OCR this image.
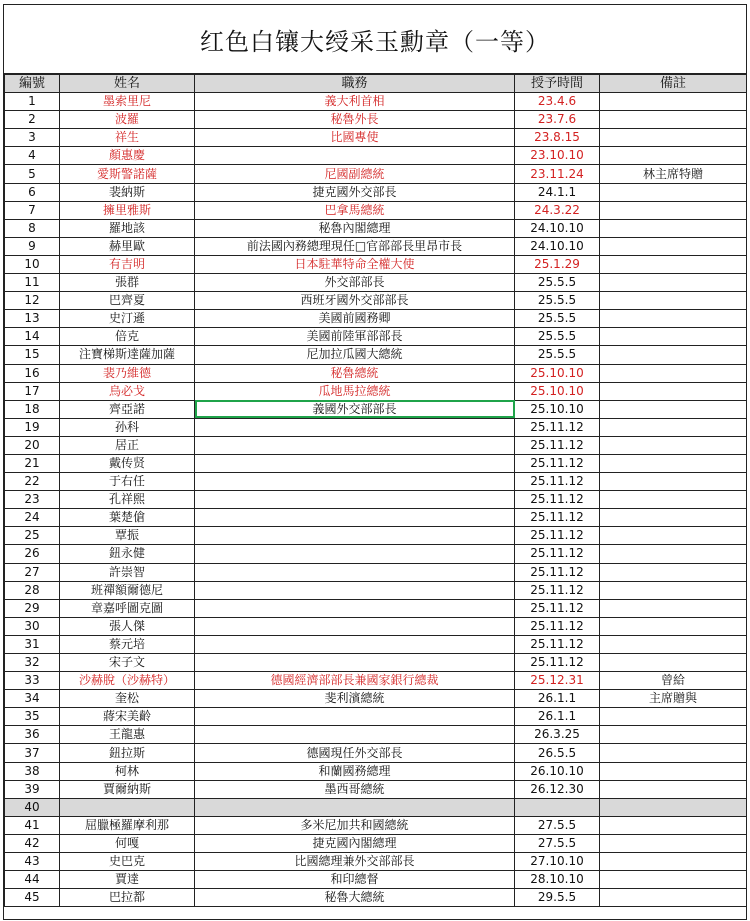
红色白镶大绶采玉勳章（一等）
編號	姓名	職務	授予時間	備註
1	墨索里尼	義大利首相	23.4.6	
2	波羅	秘魯外長	23.7.6	
3	祥生	比國專使	23.8.15	
4	顏惠慶		23.10.10	
5	愛斯警諾薩	尼國副總統	23.11.24	林主席特贈
6	裴納斯	捷克國外交部長	24.1.1	
7	擁里雅斯	巴拿馬總統	24.3.22	
8	羅地該	秘魯內閣總理	24.10.10	
9	赫里歐	前法國內務總理現任□官部部長里昂市長	24.10.10	
10	有吉明	日本駐華特命全權大使	25.1.29	
11	張群	外交部部長	25.5.5	
12	巴齊夏	西班牙國外交部部長	25.5.5	
13	史汀遜	美國前國務卿	25.5.5	
14	倍克	美國前陸軍部部長	25.5.5	
15	注寶梯斯達薩加薩	尼加拉瓜國大總統	25.5.5	
16	裴乃維德	秘魯總統	25.10.10	
17	烏必戈	瓜地馬拉總統	25.10.10	
18	齊亞諾	義國外交部部長	25.10.10	
19	孙科		25.11.12	
20	居正		25.11.12	
21	戴传贤		25.11.12	
22	于右任		25.11.12	
23	孔祥熙		25.11.12	
24	葉楚傖		25.11.12	
25	覃振		25.11.12	
26	鈕永健		25.11.12	
27	許崇智		25.11.12	
28	班禪額爾德尼		25.11.12	
29	章嘉呼圖克圖		25.11.12	
30	張人傑		25.11.12	
31	蔡元培		25.11.12	
32	宋子文		25.11.12	
33	沙赫脫（沙赫特）	德國經濟部部長兼國家銀行總裁	25.12.31	曾給
34	奎松	斐利濱總統	26.1.1	主席贈與
35	蔣宋美齡		26.1.1	
36	王龍惠		26.3.25	
37	鈕拉斯	德國現任外交部長	26.5.5	
38	柯林	和蘭國務總理	26.10.10	
39	賈爾納斯	墨西哥總統	26.12.30	
40				
41	屈臘極羅摩利那	多米尼加共和國總統	27.5.5	
42	何嘎	捷克國內閣總理	27.5.5	
43	史巴克	比國總理兼外交部部長	27.10.10	
44	賈達	和印總督	28.10.10	
45	巴拉都	秘魯大總統	29.5.5	
